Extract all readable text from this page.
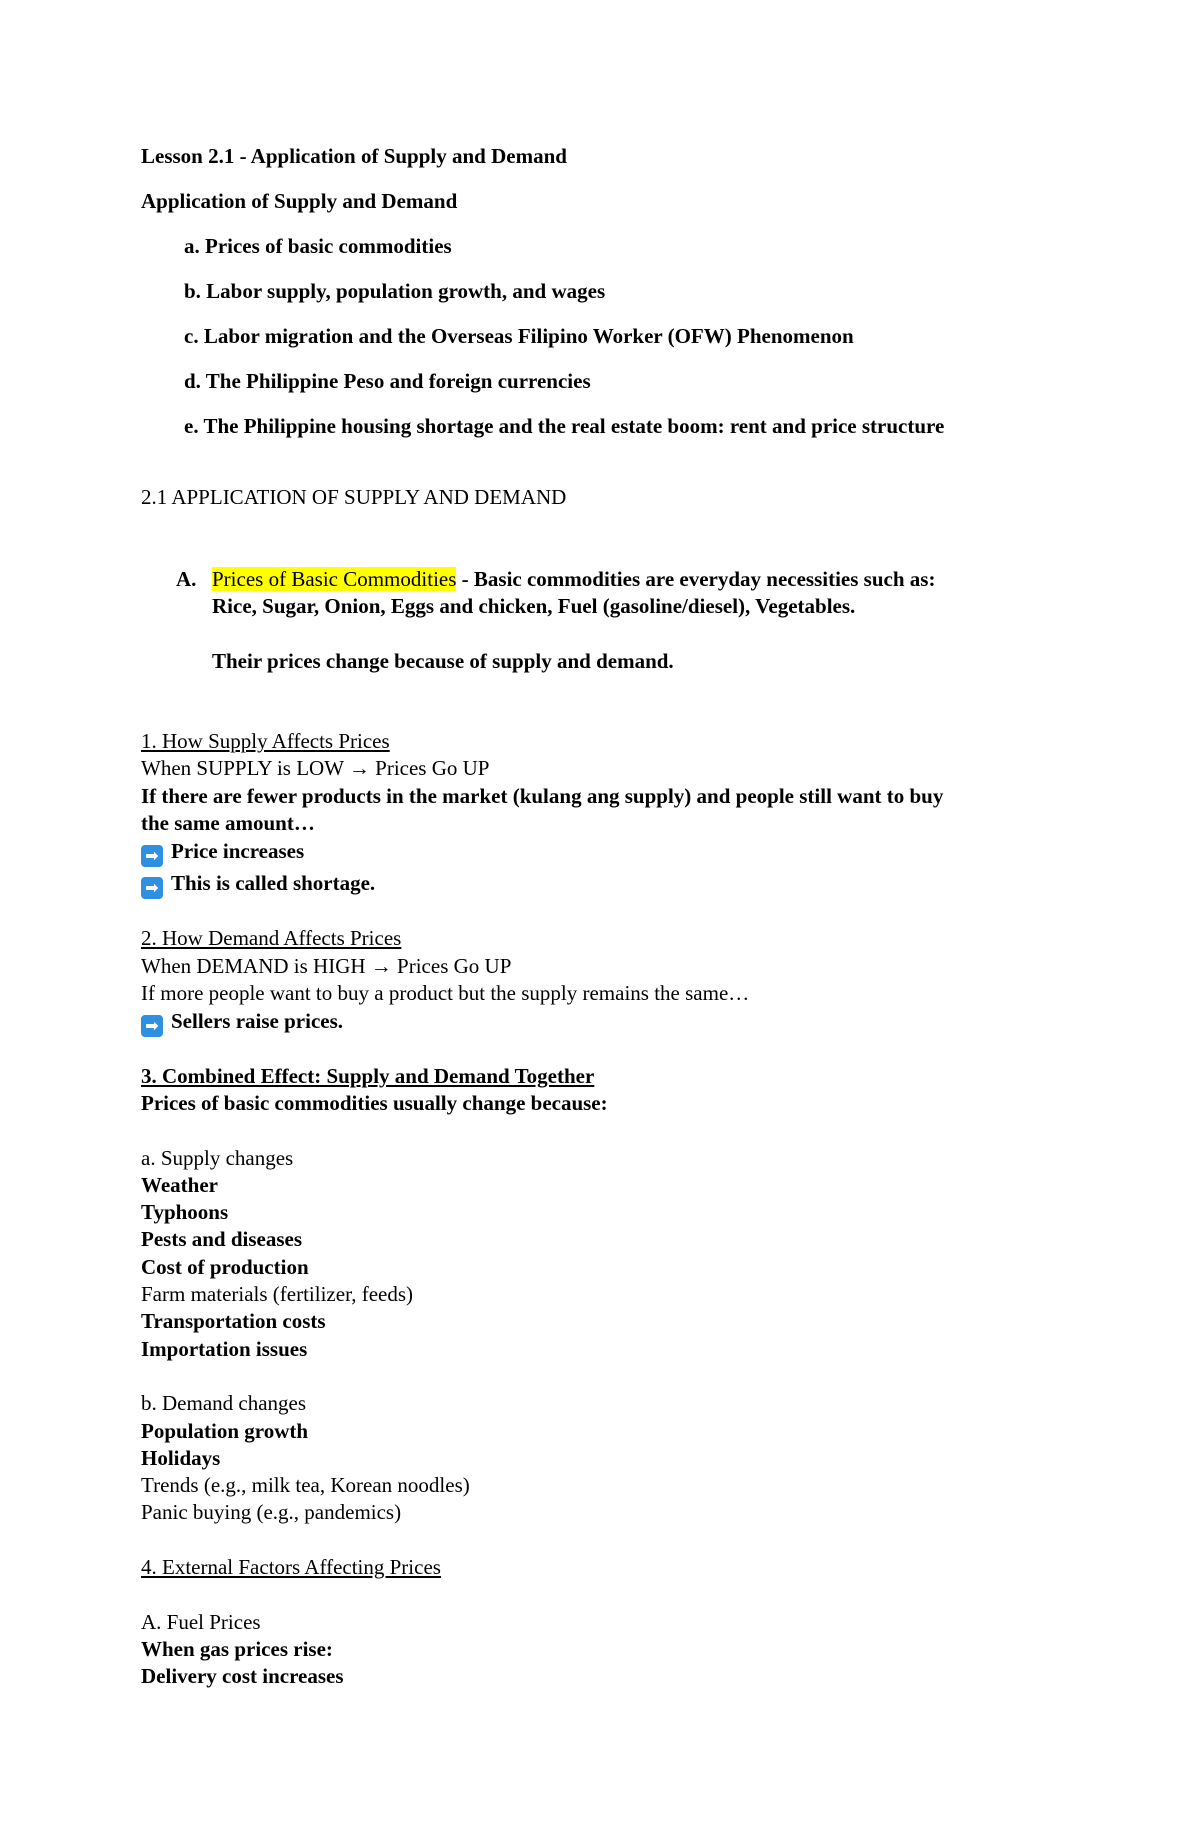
Lesson 2.1 - Application of Supply and Demand
Application of Supply and Demand
a. Prices of basic commodities
b. Labor supply, population growth, and wages
c. Labor migration and the Overseas Filipino Worker (OFW) Phenomenon
d. The Philippine Peso and foreign currencies
e. The Philippine housing shortage and the real estate boom: rent and price structure
2.1 APPLICATION OF SUPPLY AND DEMAND
A. Prices of Basic Commodities - Basic commodities are everyday necessities such as:
Rice, Sugar, Onion, Eggs and chicken, Fuel (gasoline/diesel), Vegetables.
Their prices change because of supply and demand.
1. How Supply Affects Prices
When SUPPLY is LOW → Prices Go UP
If there are fewer products in the market (kulang ang supply) and people still want to buy
the same amount…
➡ Price increases
➡ This is called shortage.
2. How Demand Affects Prices
When DEMAND is HIGH → Prices Go UP
If more people want to buy a product but the supply remains the same…
➡ Sellers raise prices.
3. Combined Effect: Supply and Demand Together
Prices of basic commodities usually change because:
a. Supply changes
Weather
Typhoons
Pests and diseases
Cost of production
Farm materials (fertilizer, feeds)
Transportation costs
Importation issues
b. Demand changes
Population growth
Holidays
Trends (e.g., milk tea, Korean noodles)
Panic buying (e.g., pandemics)
4. External Factors Affecting Prices
A. Fuel Prices
When gas prices rise:
Delivery cost increases
